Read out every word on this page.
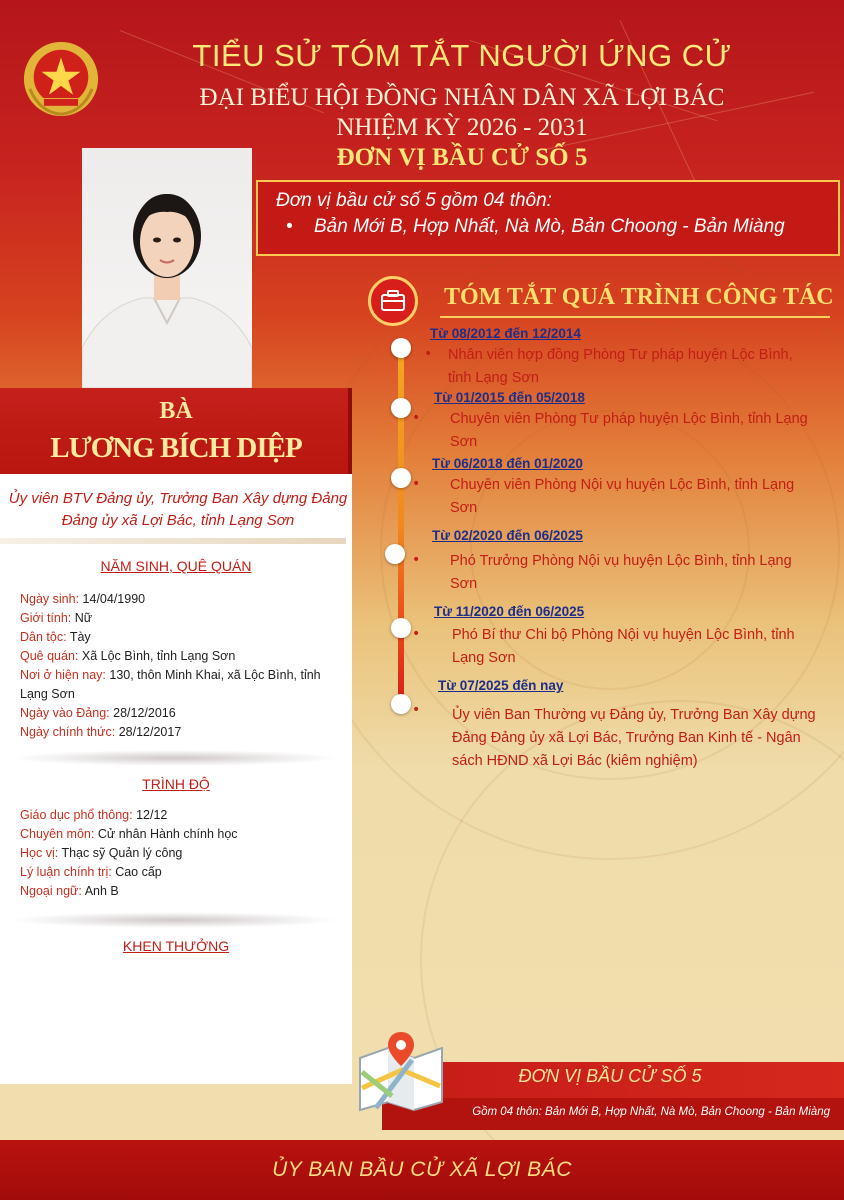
TIỂU SỬ TÓM TẮT NGƯỜI ỨNG CỬ
ĐẠI BIỂU HỘI ĐỒNG NHÂN DÂN XÃ LỢI BÁC
NHIỆM KỲ 2026 - 2031
ĐƠN VỊ BẦU CỬ SỐ 5
Đơn vị bầu cử số 5 gồm 04 thôn:
• Bản Mới B, Hợp Nhất, Nà Mò, Bản Choong - Bản Miàng
BÀ
LƯƠNG BÍCH DIỆP
Ủy viên BTV Đảng ủy, Trưởng Ban Xây dựng Đảng Đảng ủy xã Lợi Bác, tỉnh Lạng Sơn
NĂM SINH, QUÊ QUÁN
Ngày sinh: 14/04/1990
Giới tính: Nữ
Dân tộc: Tày
Quê quán: Xã Lộc Bình, tỉnh Lạng Sơn
Nơi ở hiện nay: 130, thôn Minh Khai, xã Lộc Bình, tỉnh Lạng Sơn
Ngày vào Đảng: 28/12/2016
Ngày chính thức: 28/12/2017
TRÌNH ĐỘ
Giáo dục phổ thông: 12/12
Chuyên môn: Cử nhân Hành chính học
Học vị: Thạc sỹ Quản lý công
Lý luận chính trị: Cao cấp
Ngoại ngữ: Anh B
KHEN THƯỞNG
TÓM TẮT QUÁ TRÌNH CÔNG TÁC
Từ 08/2012 đến 12/2014
• Nhân viên hợp đồng Phòng Tư pháp huyện Lộc Bình, tỉnh Lạng Sơn
Từ 01/2015 đến 05/2018
• Chuyên viên Phòng Tư pháp huyện Lộc Bình, tỉnh Lạng Sơn
Từ 06/2018 đến 01/2020
• Chuyên viên Phòng Nội vụ huyện Lộc Bình, tỉnh Lạng Sơn
Từ 02/2020 đến 06/2025
• Phó Trưởng Phòng Nội vụ huyện Lộc Bình, tỉnh Lạng Sơn
Từ 11/2020 đến 06/2025
• Phó Bí thư Chi bộ Phòng Nội vụ huyện Lộc Bình, tỉnh Lạng Sơn
Từ 07/2025 đến nay
• Ủy viên Ban Thường vụ Đảng ủy, Trưởng Ban Xây dựng Đảng Đảng ủy xã Lợi Bác, Trưởng Ban Kinh tế - Ngân sách HĐND xã Lợi Bác (kiêm nghiệm)
ĐƠN VỊ BẦU CỬ SỐ 5
Gồm 04 thôn: Bản Mới B, Hợp Nhất, Nà Mò, Bản Choong - Bản Miàng
ỦY BAN BẦU CỬ XÃ LỢI BÁC
